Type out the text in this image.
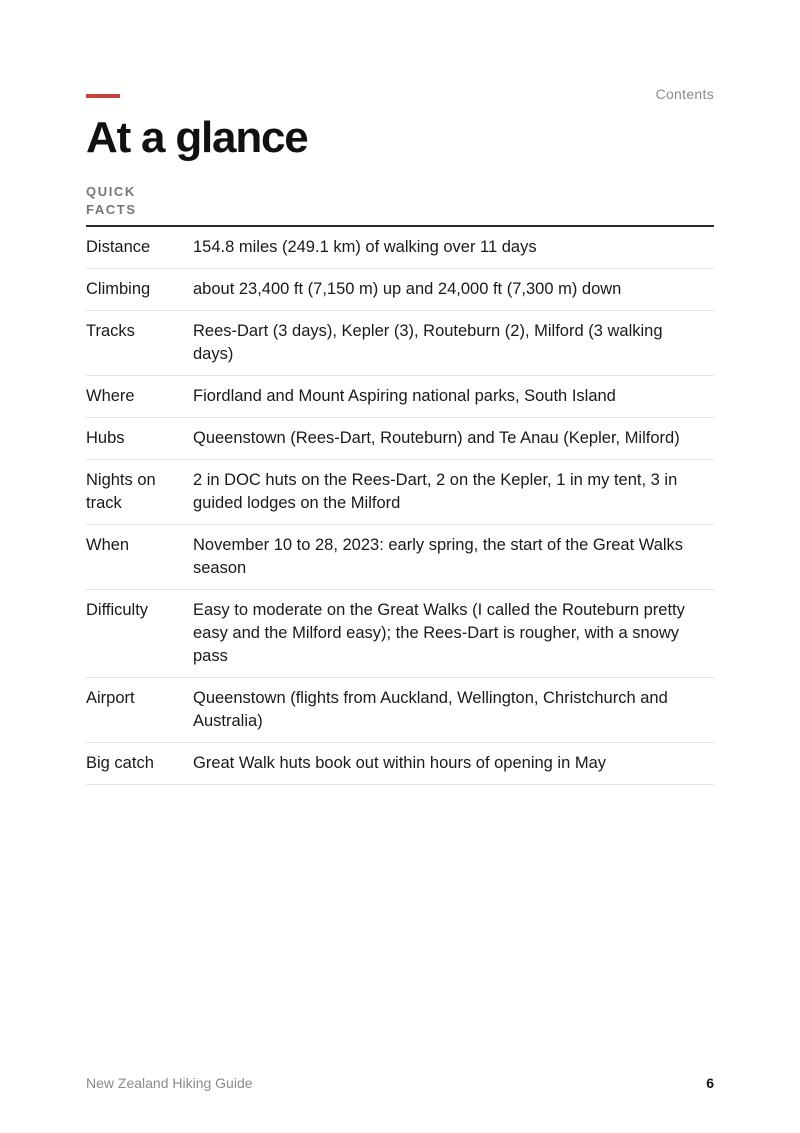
Contents
At a glance
QUICK FACTS
Distance	154.8 miles (249.1 km) of walking over 11 days
Climbing	about 23,400 ft (7,150 m) up and 24,000 ft (7,300 m) down
Tracks	Rees-Dart (3 days), Kepler (3), Routeburn (2), Milford (3 walking days)
Where	Fiordland and Mount Aspiring national parks, South Island
Hubs	Queenstown (Rees-Dart, Routeburn) and Te Anau (Kepler, Milford)
Nights on track	2 in DOC huts on the Rees-Dart, 2 on the Kepler, 1 in my tent, 3 in guided lodges on the Milford
When	November 10 to 28, 2023: early spring, the start of the Great Walks season
Difficulty	Easy to moderate on the Great Walks (I called the Routeburn pretty easy and the Milford easy); the Rees-Dart is rougher, with a snowy pass
Airport	Queenstown (flights from Auckland, Wellington, Christchurch and Australia)
Big catch	Great Walk huts book out within hours of opening in May
New Zealand Hiking Guide	6
